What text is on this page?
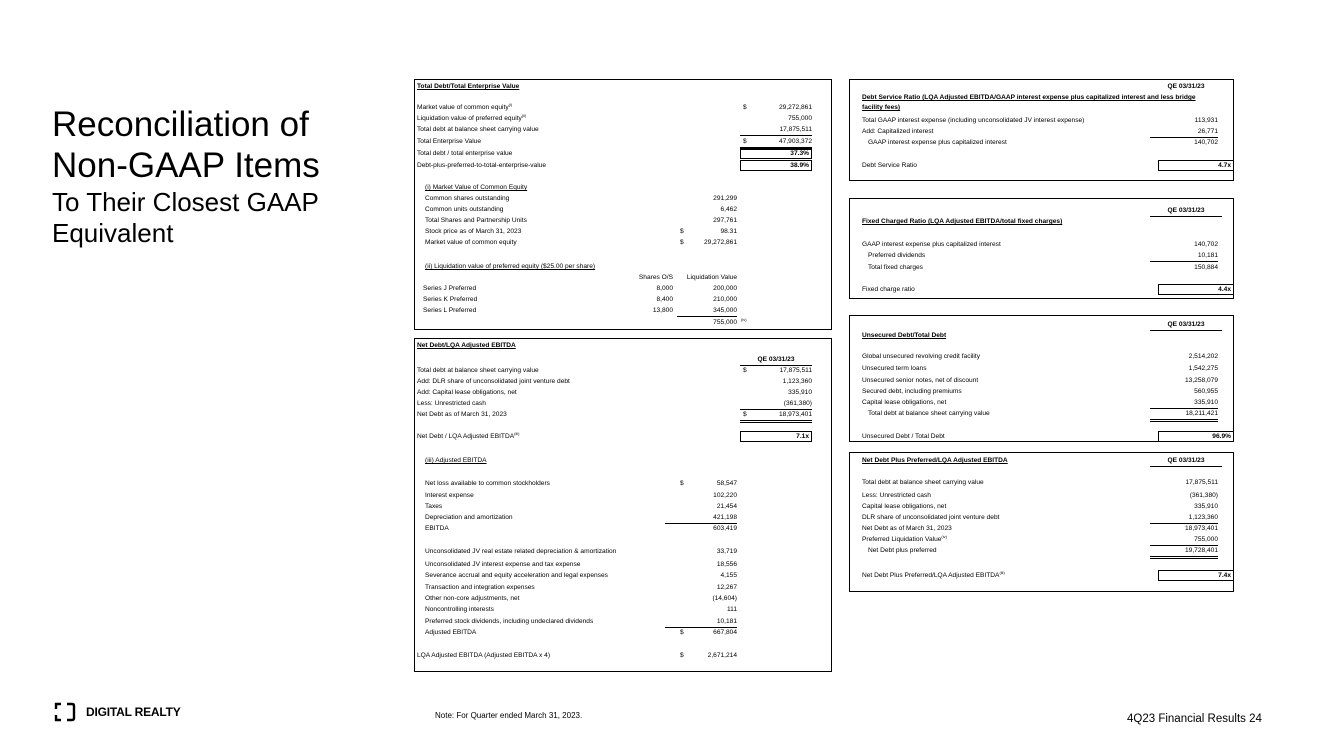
Reconciliation of
Non-GAAP Items
To Their Closest GAAP
Equivalent
Total Debt/Total Enterprise Value
Market value of common equity$^{(i)}$	$	29,272,861
Liquidation value of preferred equity$^{(ii)}$	755,000
Total debt at balance sheet carrying value	17,875,511
Total Enterprise Value	$	47,903,372
Total debt / total enterprise value	37.3%
Debt-plus-preferred-to-total-enterprise-value	38.9%
(i) Market Value of Common Equity
Common shares outstanding	291,299
Common units outstanding	6,462
Total Shares and Partnership Units	297,761
Stock price as of March 31, 2023	$	98.31
Market value of common equity	$	29,272,861
(ii) Liquidation value of preferred equity ($25.00 per share)
Shares O/S	Liquidation Value
Series J Preferred	8,000	200,000
Series K Preferred	8,400	210,000
Series L Preferred	13,800	345,000
755,000 (iv)
Net Debt/LQA Adjusted EBITDA
QE 03/31/23
Total debt at balance sheet carrying value	$	17,875,511
Add: DLR share of unconsolidated joint venture debt	1,123,360
Add: Capital lease obligations, net	335,910
Less: Unrestricted cash	(361,380)
Net Debt as of March 31, 2023	$	18,973,401
Net Debt / LQA Adjusted EBITDA$^{(iii)}$	7.1x
(iii) Adjusted EBITDA
Net loss available to common stockholders	$	58,547
Interest expense	102,220
Taxes	21,454
Depreciation and amortization	421,198
EBITDA	603,419
Unconsolidated JV real estate related depreciation & amortization	33,719
Unconsolidated JV interest expense and tax expense	18,556
Severance accrual and equity acceleration and legal expenses	4,155
Transaction and integration expenses	12,267
Other non-core adjustments, net	(14,604)
Noncontrolling interests	111
Preferred stock dividends, including undeclared dividends	10,181
Adjusted EBITDA	$	667,804
LQA Adjusted EBITDA (Adjusted EBITDA x 4)	$	2,671,214
QE 03/31/23
Debt Service Ratio (LQA Adjusted EBITDA/GAAP interest expense plus capitalized interest and less bridge
facility fees)
Total GAAP interest expense (including unconsolidated JV interest expense)	113,931
Add: Capitalized interest	26,771
GAAP interest expense plus capitalized interest	140,702
Debt Service Ratio	4.7x
QE 03/31/23
Fixed Charged Ratio (LQA Adjusted EBITDA/total fixed charges)
GAAP interest expense plus capitalized interest	140,702
Preferred dividends	10,181
Total fixed charges	150,884
Fixed charge ratio	4.4x
QE 03/31/23
Unsecured Debt/Total Debt
Global unsecured revolving credit facility	2,514,202
Unsecured term loans	1,542,275
Unsecured senior notes, net of discount	13,258,079
Secured debt, including premiums	560,955
Capital lease obligations, net	335,910
Total debt at balance sheet carrying value	18,211,421
Unsecured Debt / Total Debt	96.9%
Net Debt Plus Preferred/LQA Adjusted EBITDA	QE 03/31/23
Total debt at balance sheet carrying value	17,875,511
Less: Unrestricted cash	(361,380)
Capital lease obligations, net	335,910
DLR share of unconsolidated joint venture debt	1,123,360
Net Debt as of March 31, 2023	18,973,401
Preferred Liquidation Value$^{(iv)}$	755,000
Net Debt plus preferred	19,728,401
Net Debt Plus Preferred/LQA Adjusted EBITDA$^{(iii)}$	7.4x
DIGITAL REALTY	Note: For Quarter ended March 31, 2023.	4Q23 Financial Results 24
